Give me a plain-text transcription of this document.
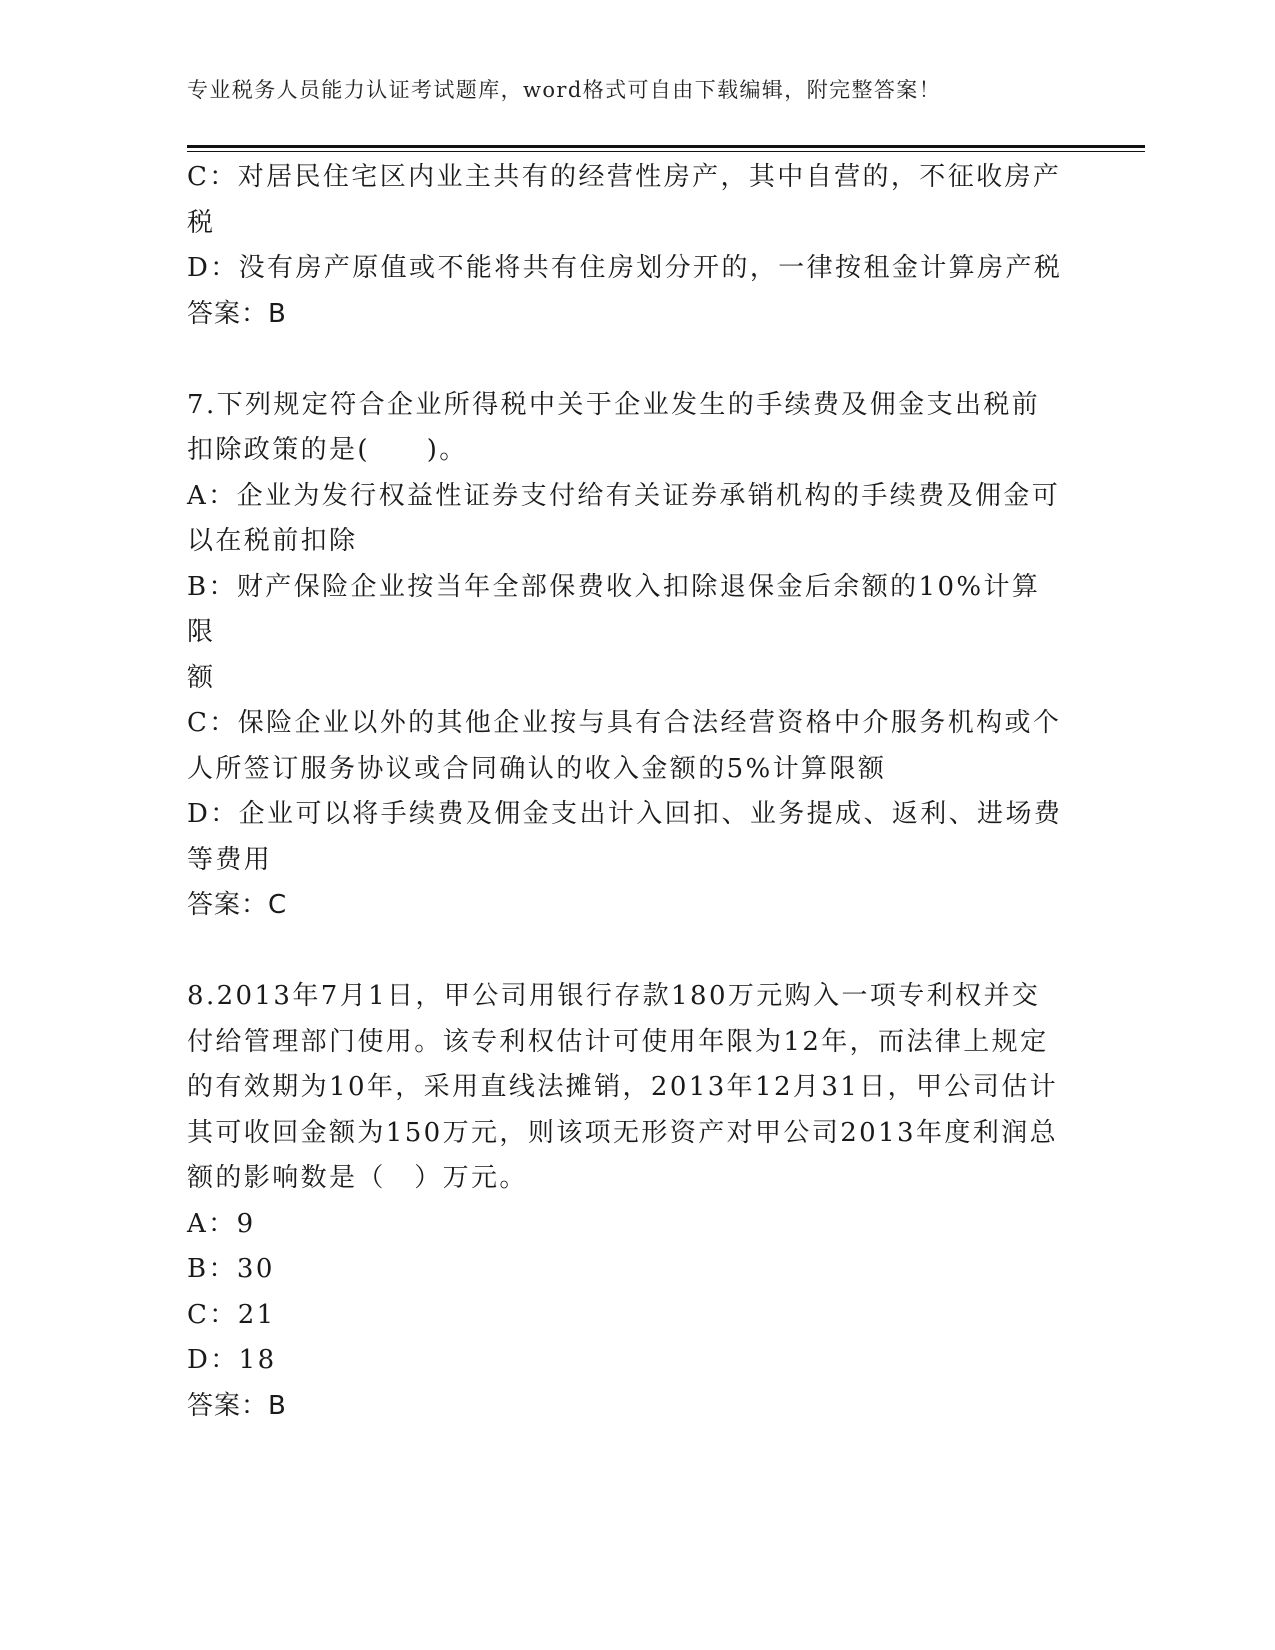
专业税务人员能力认证考试题库，word格式可自由下载编辑，附完整答案！
C：对居民住宅区内业主共有的经营性房产，其中自营的，不征收房产
税
D：没有房产原值或不能将共有住房划分开的，一律按租金计算房产税
答案：B
7.下列规定符合企业所得税中关于企业发生的手续费及佣金支出税前
扣除政策的是(　　)。
A：企业为发行权益性证券支付给有关证券承销机构的手续费及佣金可
以在税前扣除
B：财产保险企业按当年全部保费收入扣除退保金后余额的10%计算限
额
C：保险企业以外的其他企业按与具有合法经营资格中介服务机构或个
人所签订服务协议或合同确认的收入金额的5%计算限额
D：企业可以将手续费及佣金支出计入回扣、业务提成、返利、进场费
等费用
答案：C
8.2013年7月1日，甲公司用银行存款180万元购入一项专利权并交
付给管理部门使用。该专利权估计可使用年限为12年，而法律上规定
的有效期为10年，采用直线法摊销，2013年12月31日，甲公司估计
其可收回金额为150万元，则该项无形资产对甲公司2013年度利润总
额的影响数是（　）万元。
A：9
B：30
C：21
D：18
答案：B
